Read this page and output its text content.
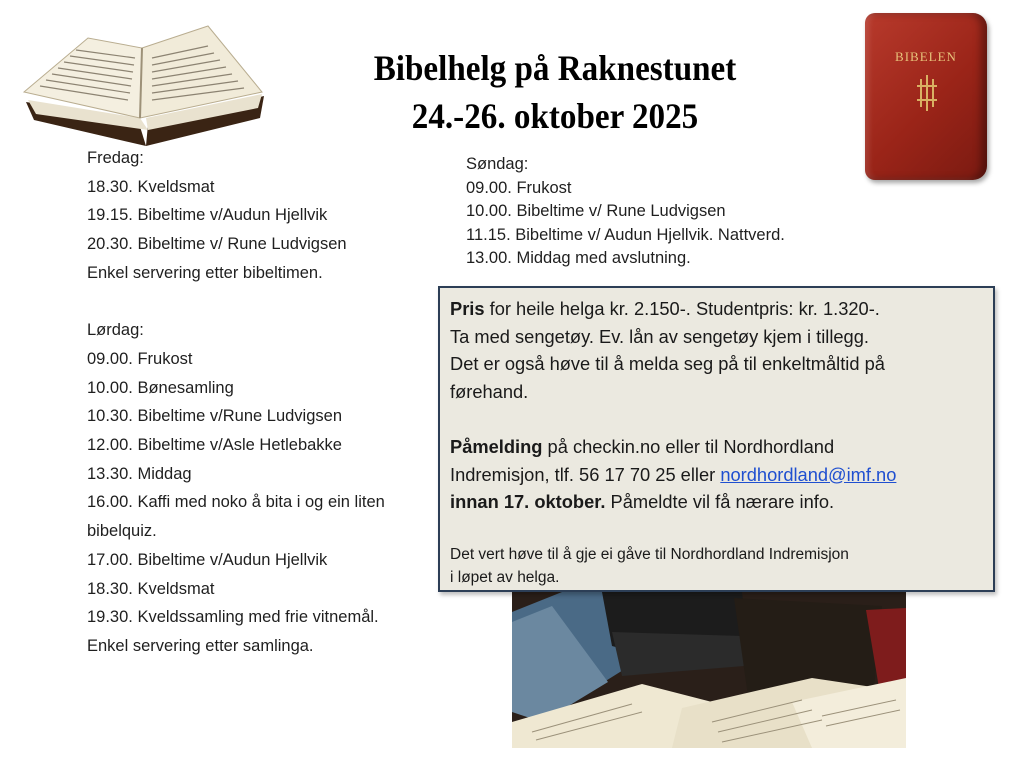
BIBELEN
Bibelhelg på Raknestunet
24.-26. oktober 2025
Fredag:
18.30. Kveldsmat
19.15. Bibeltime v/Audun Hjellvik
20.30. Bibeltime v/ Rune Ludvigsen
Enkel servering etter bibeltimen.
Lørdag:
09.00. Frukost
10.00. Bønesamling
10.30. Bibeltime v/Rune Ludvigsen
12.00. Bibeltime v/Asle Hetlebakke
13.30. Middag
16.00. Kaffi med noko å bita i og ein liten
bibelquiz.
17.00. Bibeltime v/Audun Hjellvik
18.30. Kveldsmat
19.30. Kveldssamling med frie vitnemål.
Enkel servering etter samlinga.
Søndag:
09.00. Frukost
10.00. Bibeltime v/ Rune Ludvigsen
11.15. Bibeltime v/ Audun Hjellvik. Nattverd.
13.00. Middag med avslutning.
Pris for heile helga kr. 2.150-. Studentpris: kr. 1.320-.
Ta med sengetøy. Ev. lån av sengetøy kjem i tillegg.
Det er også høve til å melda seg på til enkeltmåltid på
førehand.
Påmelding på checkin.no eller til Nordhordland
Indremisjon, tlf. 56 17 70 25 eller nordhordland@imf.no
innan 17. oktober. Påmeldte vil få nærare info.
Det vert høve til å gje ei gåve til Nordhordland Indremisjon
i løpet av helga.
